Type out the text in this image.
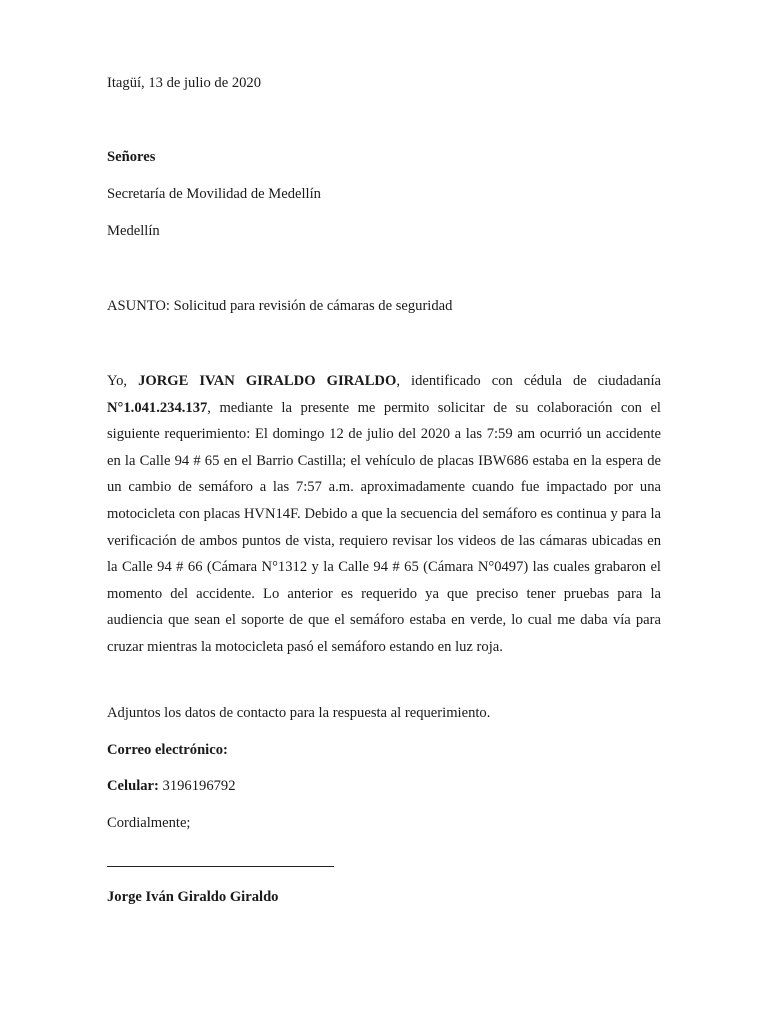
Itagüí, 13 de julio de 2020
Señores
Secretaría de Movilidad de Medellín
Medellín
ASUNTO: Solicitud para revisión de cámaras de seguridad

Yo, JORGE IVAN GIRALDO GIRALDO, identificado con cédula de ciudadanía N°1.041.234.137, mediante la presente me permito solicitar de su colaboración con el siguiente requerimiento: El domingo 12 de julio del 2020 a las 7:59 am ocurrió un accidente en la Calle 94 # 65 en el Barrio Castilla; el vehículo de placas IBW686 estaba en la espera de un cambio de semáforo a las 7:57 a.m. aproximadamente cuando fue impactado por una motocicleta con placas HVN14F. Debido a que la secuencia del semáforo es continua y para la verificación de ambos puntos de vista, requiero revisar los videos de las cámaras ubicadas en la Calle 94 # 66 (Cámara N°1312 y la Calle 94 # 65 (Cámara N°0497) las cuales grabaron el momento del accidente. Lo anterior es requerido ya que preciso tener pruebas para la audiencia que sean el soporte de que el semáforo estaba en verde, lo cual me daba vía para cruzar mientras la motocicleta pasó el semáforo estando en luz roja.

Adjuntos los datos de contacto para la respuesta al requerimiento.
Correo electrónico:
Celular: 3196196792
Cordialmente;
Jorge Iván Giraldo Giraldo
